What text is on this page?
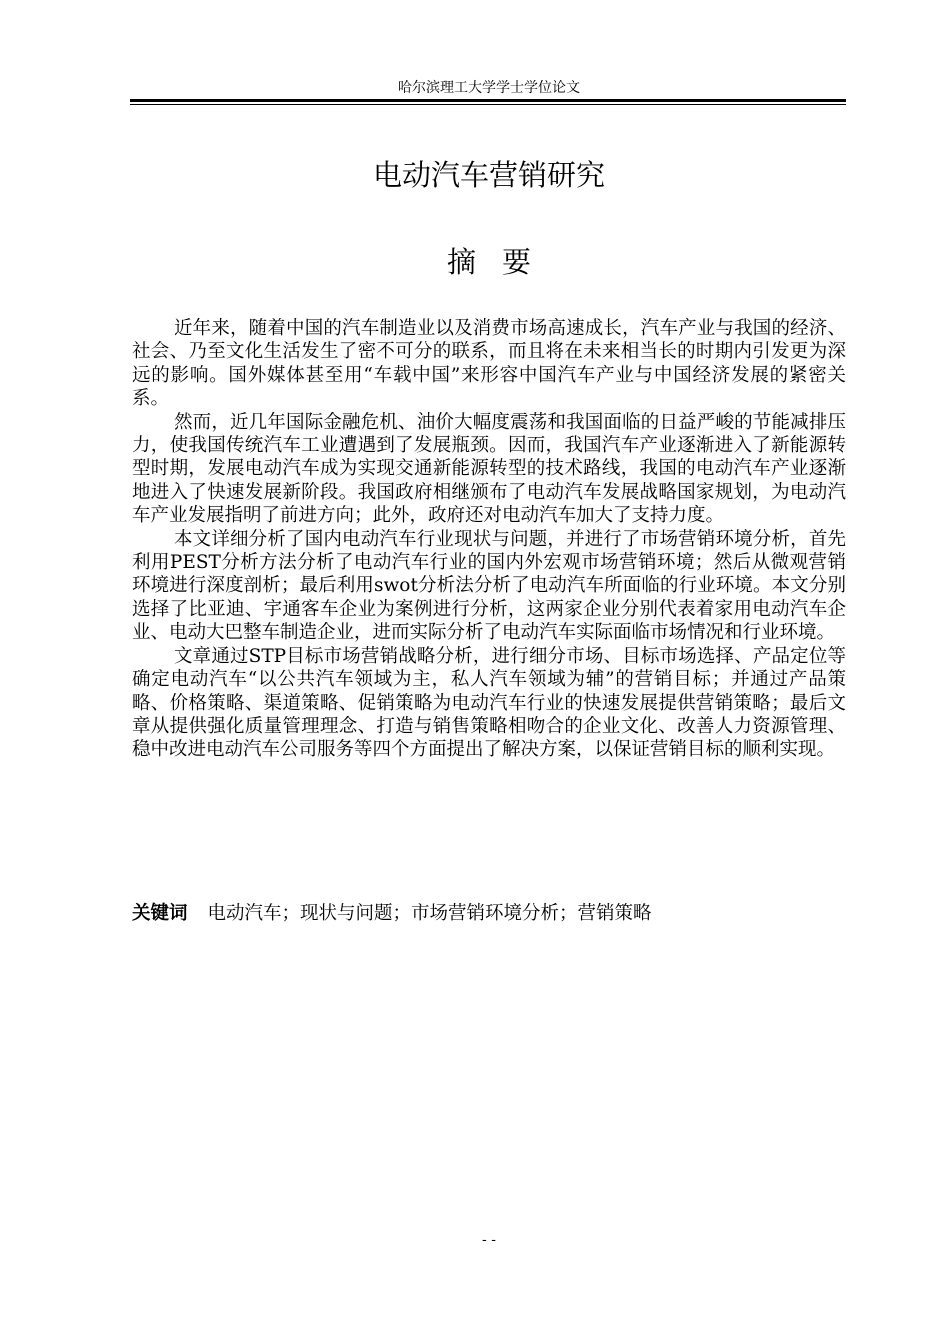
哈尔滨理工大学学士学位论文
电动汽车营销研究
摘要

近年来，随着中国的汽车制造业以及消费市场高速成长，汽车产业与我国的经济、社会、乃至文化生活发生了密不可分的联系，而且将在未来相当长的时期内引发更为深远的影响。国外媒体甚至用“车载中国”来形容中国汽车产业与中国经济发展的紧密关系。

然而，近几年国际金融危机、油价大幅度震荡和我国面临的日益严峻的节能减排压力，使我国传统汽车工业遭遇到了发展瓶颈。因而，我国汽车产业逐渐进入了新能源转型时期，发展电动汽车成为实现交通新能源转型的技术路线，我国的电动汽车产业逐渐地进入了快速发展新阶段。我国政府相继颁布了电动汽车发展战略国家规划，为电动汽车产业发展指明了前进方向；此外，政府还对电动汽车加大了支持力度。

本文详细分析了国内电动汽车行业现状与问题，并进行了市场营销环境分析，首先利用PEST分析方法分析了电动汽车行业的国内外宏观市场营销环境；然后从微观营销环境进行深度剖析；最后利用swot分析法分析了电动汽车所面临的行业环境。本文分别选择了比亚迪、宇通客车企业为案例进行分析，这两家企业分别代表着家用电动汽车企业、电动大巴整车制造企业，进而实际分析了电动汽车实际面临市场情况和行业环境。

文章通过STP目标市场营销战略分析，进行细分市场、目标市场选择、产品定位等确定电动汽车“以公共汽车领域为主，私人汽车领域为辅”的营销目标；并通过产品策略、价格策略、渠道策略、促销策略为电动汽车行业的快速发展提供营销策略；最后文章从提供强化质量管理理念、打造与销售策略相吻合的企业文化、改善人力资源管理、稳中改进电动汽车公司服务等四个方面提出了解决方案，以保证营销目标的顺利实现。

关键词 电动汽车；现状与问题；市场营销环境分析；营销策略
- -
